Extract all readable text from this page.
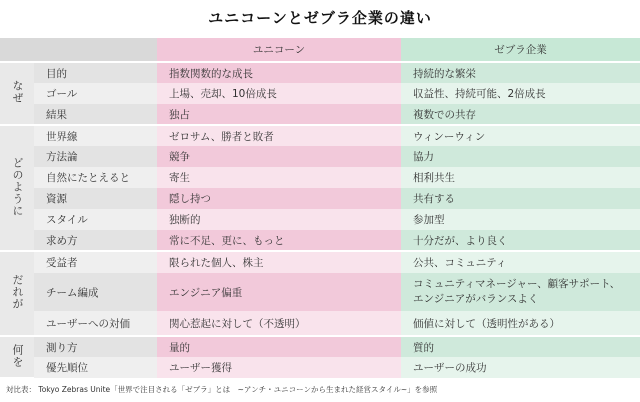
ユニコーンとゼブラ企業の違い
		ユニコーン	ゼブラ企業
なぜ	目的	指数関数的な成長	持続的な繁栄
	ゴール	上場、売却、10倍成長	収益性、持続可能、2倍成長
	結果	独占	複数での共存
どのように	世界線	ゼロサム、勝者と敗者	ウィンーウィン
	方法論	競争	協力
	自然にたとえると	寄生	相利共生
	資源	隠し持つ	共有する
	スタイル	独断的	参加型
	求め方	常に不足、更に、もっと	十分だが、より良く
だれが	受益者	限られた個人、株主	公共、コミュニティ
	チーム編成	エンジニア偏重	コミュニティマネージャー、顧客サポート、
エンジニアがバランスよく

	ユーザーへの対価	関心惹起に対して（不透明）	価値に対して（透明性がある）
何を	測り方	量的	質的
	優先順位	ユーザー獲得	ユーザーの成功
対比表： Tokyo Zebras Unite「世界で注目される「ゼブラ」とは　~アンチ・ユニコーンから生まれた経営スタイル~」を参照
